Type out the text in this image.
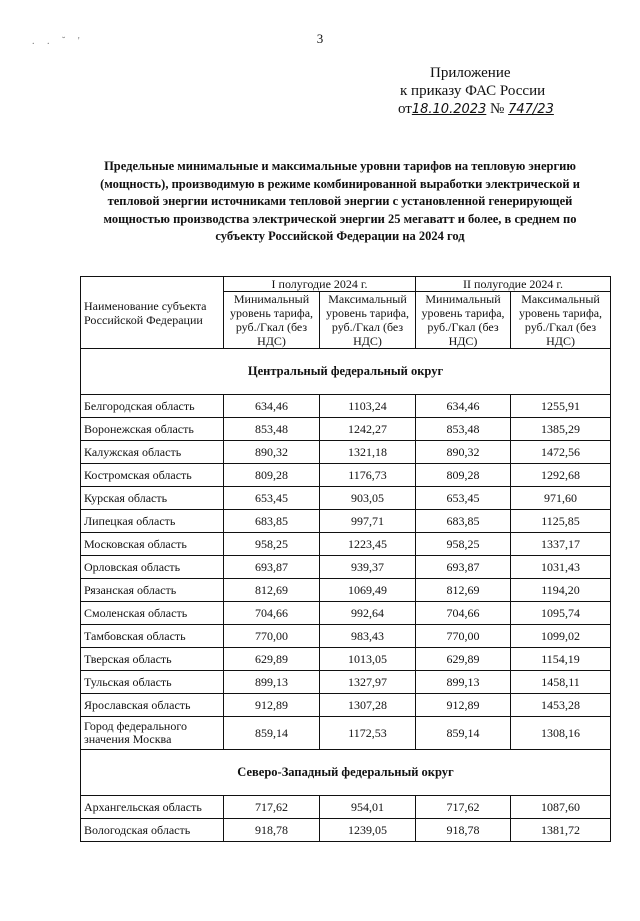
3
. . ˘ '
Приложение
к приказу ФАС России
от18.10.2023 № 747/23
Предельные минимальные и максимальные уровни тарифов на тепловую энергию (мощность), производимую в режиме комбинированной выработки электрической и тепловой энергии источниками тепловой энергии с установленной генерирующей мощностью производства электрической энергии 25 мегаватт и более, в среднем по субъекту Российской Федерации на 2024 год
Наименование субъекта Российской Федерации	I полугодие 2024 г.		II полугодие 2024 г.	
	Минимальный уровень тарифа, руб./Гкал (без НДС)	Максимальный уровень тарифа, руб./Гкал (без НДС)	Минимальный уровень тарифа, руб./Гкал (без НДС)	Максимальный уровень тарифа, руб./Гкал (без НДС)
Центральный федеральный округ				
Белгородская область	634,46	1103,24	634,46	1255,91
Воронежская область	853,48	1242,27	853,48	1385,29
Калужская область	890,32	1321,18	890,32	1472,56
Костромская область	809,28	1176,73	809,28	1292,68
Курская область	653,45	903,05	653,45	971,60
Липецкая область	683,85	997,71	683,85	1125,85
Московская область	958,25	1223,45	958,25	1337,17
Орловская область	693,87	939,37	693,87	1031,43
Рязанская область	812,69	1069,49	812,69	1194,20
Смоленская область	704,66	992,64	704,66	1095,74
Тамбовская область	770,00	983,43	770,00	1099,02
Тверская область	629,89	1013,05	629,89	1154,19
Тульская область	899,13	1327,97	899,13	1458,11
Ярославская область	912,89	1307,28	912,89	1453,28
Город федерального значения Москва	859,14	1172,53	859,14	1308,16
Северо-Западный федеральный округ				
Архангельская область	717,62	954,01	717,62	1087,60
Вологодская область	918,78	1239,05	918,78	1381,72
